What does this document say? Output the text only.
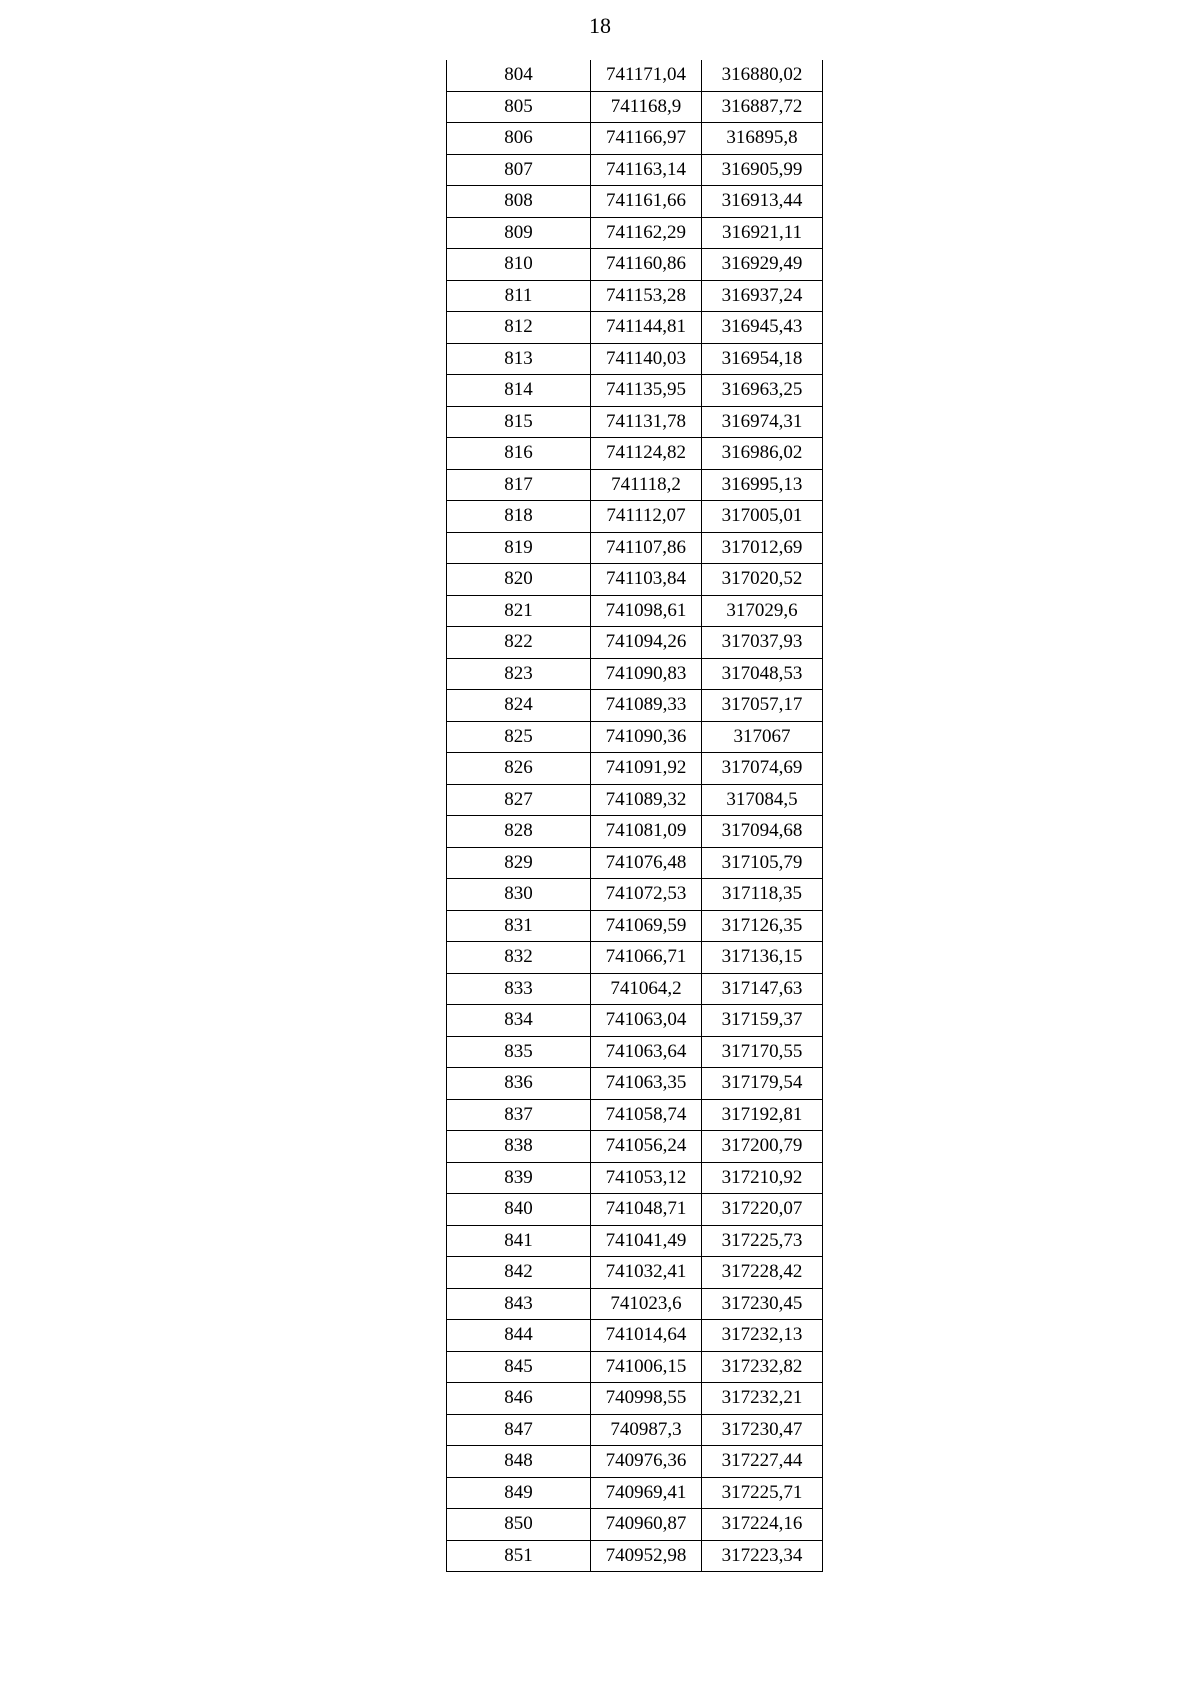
18
804	741171,04	316880,02
805	741168,9	316887,72
806	741166,97	316895,8
807	741163,14	316905,99
808	741161,66	316913,44
809	741162,29	316921,11
810	741160,86	316929,49
811	741153,28	316937,24
812	741144,81	316945,43
813	741140,03	316954,18
814	741135,95	316963,25
815	741131,78	316974,31
816	741124,82	316986,02
817	741118,2	316995,13
818	741112,07	317005,01
819	741107,86	317012,69
820	741103,84	317020,52
821	741098,61	317029,6
822	741094,26	317037,93
823	741090,83	317048,53
824	741089,33	317057,17
825	741090,36	317067
826	741091,92	317074,69
827	741089,32	317084,5
828	741081,09	317094,68
829	741076,48	317105,79
830	741072,53	317118,35
831	741069,59	317126,35
832	741066,71	317136,15
833	741064,2	317147,63
834	741063,04	317159,37
835	741063,64	317170,55
836	741063,35	317179,54
837	741058,74	317192,81
838	741056,24	317200,79
839	741053,12	317210,92
840	741048,71	317220,07
841	741041,49	317225,73
842	741032,41	317228,42
843	741023,6	317230,45
844	741014,64	317232,13
845	741006,15	317232,82
846	740998,55	317232,21
847	740987,3	317230,47
848	740976,36	317227,44
849	740969,41	317225,71
850	740960,87	317224,16
851	740952,98	317223,34
